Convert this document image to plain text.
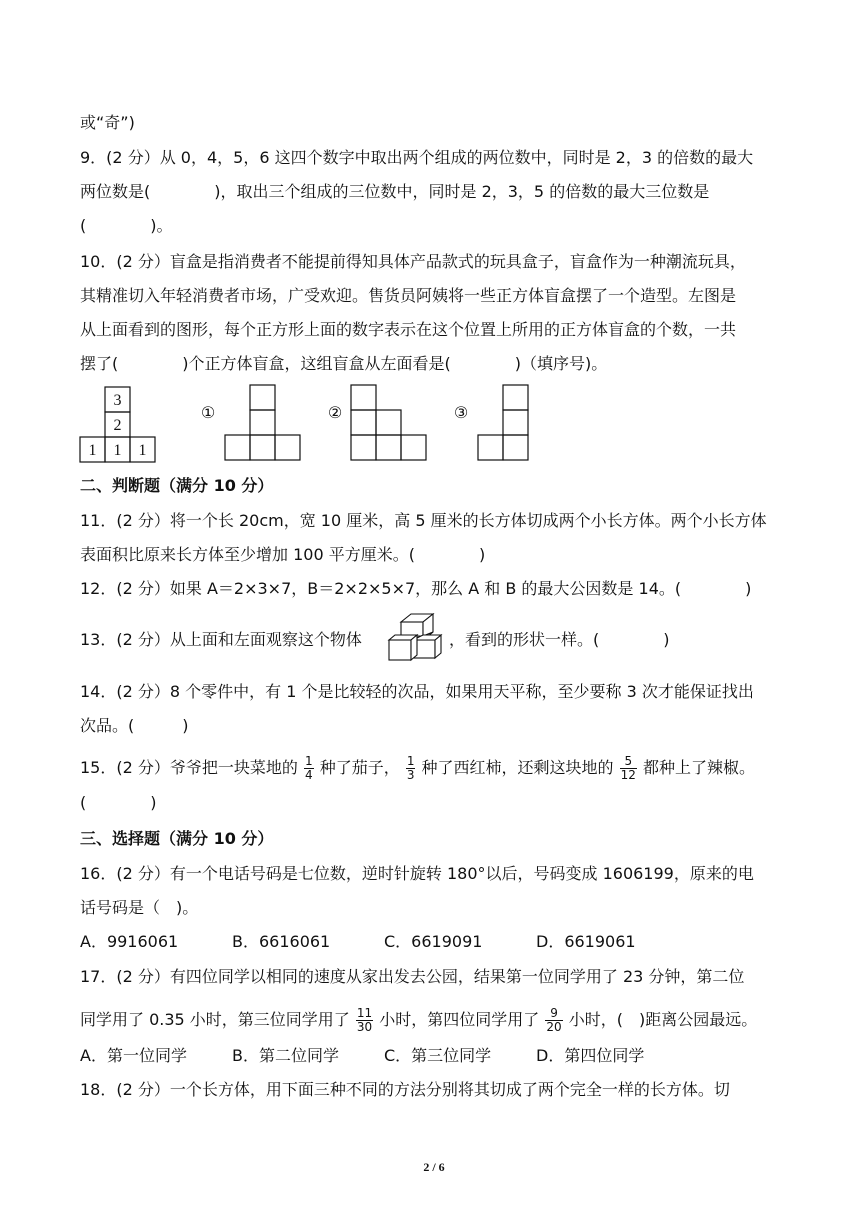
或“奇”)
9．(2 分）从 0，4，5，6 这四个数字中取出两个组成的两位数中，同时是 2，3 的倍数的最大
两位数是(　　　　)，取出三个组成的三位数中，同时是 2，3，5 的倍数的最大三位数是
(　　　　)。
10．(2 分）盲盒是指消费者不能提前得知具体产品款式的玩具盒子，盲盒作为一种潮流玩具，
其精准切入年轻消费者市场，广受欢迎。售货员阿姨将一些正方体盲盒摆了一个造型。左图是
从上面看到的图形，每个正方形上面的数字表示在这个位置上所用的正方体盲盒的个数，一共
摆了(　　　　)个正方体盲盒，这组盲盒从左面看是(　　　　)（填序号)。
3
2
1 1 1
①	②	③
二、判断题（满分 10 分）
11．(2 分）将一个长 20cm，宽 10 厘米，高 5 厘米的长方体切成两个小长方体。两个小长方体
表面积比原来长方体至少增加 100 平方厘米。(　　　　)
12．(2 分）如果 A＝2×3×7，B＝2×2×5×7，那么 A 和 B 的最大公因数是 14。(　　　　)
13．(2 分）从上面和左面观察这个物体	，看到的形状一样。(　　　　)
14．(2 分）8 个零件中，有 1 个是比较轻的次品，如果用天平称，至少要称 3 次才能保证找出
次品。(　　　)
15．(2 分）爷爷把一块菜地的 $\frac{1}{4}$ 种了茄子， $\frac{1}{3}$ 种了西红柿，还剩这块地的 $\frac{5}{12}$ 都种上了辣椒。
(　　　　)
三、选择题（满分 10 分）
16．(2 分）有一个电话号码是七位数，逆时针旋转 180°以后，号码变成 1606199，原来的电
话号码是（　)。
A．9916061	B．6616061	C．6619091	D．6619061
17．(2 分）有四位同学以相同的速度从家出发去公园，结果第一位同学用了 23 分钟，第二位
同学用了 0.35 小时，第三位同学用了 $\frac{11}{30}$ 小时，第四位同学用了 $\frac{9}{20}$ 小时，(　)距离公园最远。
A．第一位同学	B．第二位同学	C．第三位同学	D．第四位同学
18．(2 分）一个长方体，用下面三种不同的方法分别将其切成了两个完全一样的长方体。切
2 / 6
